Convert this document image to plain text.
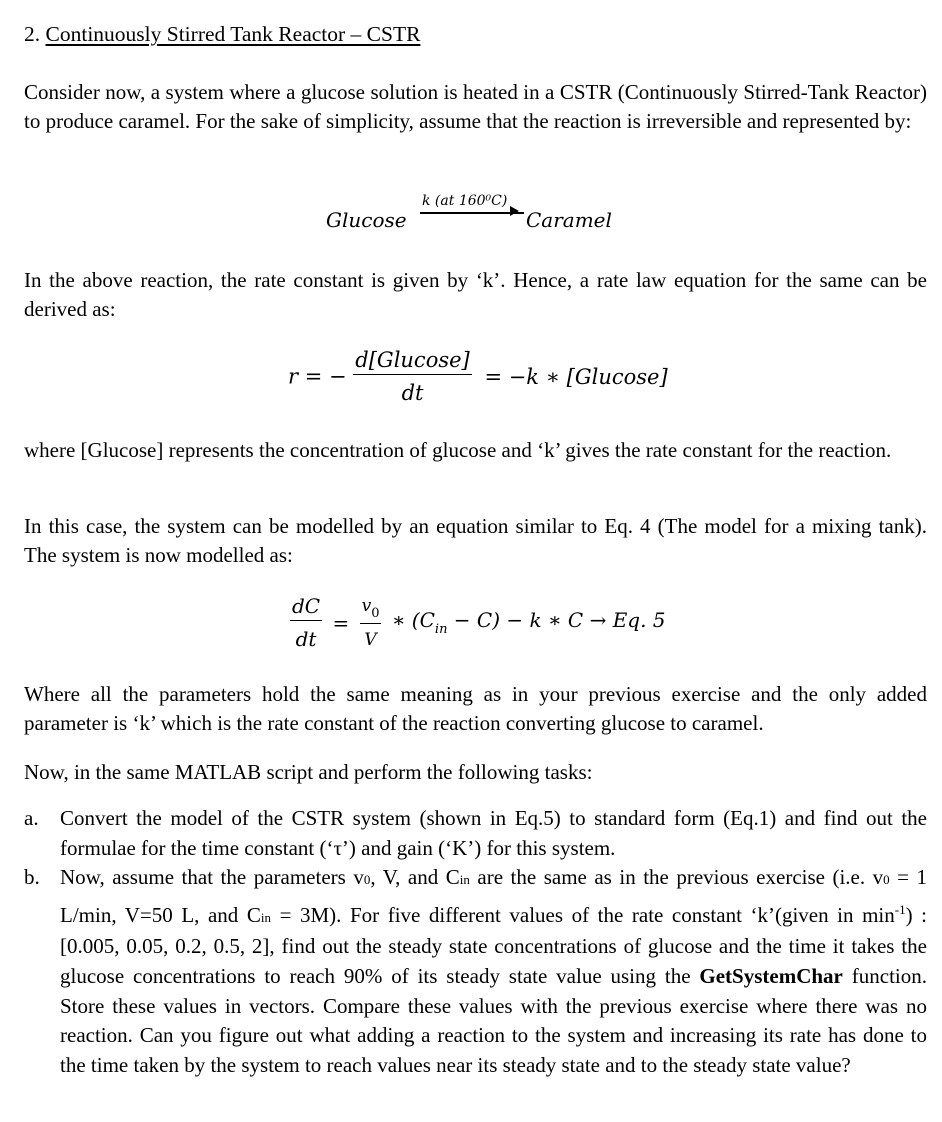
2. Continuously Stirred Tank Reactor – CSTR

Consider now, a system where a glucose solution is heated in a CSTR (Continuously Stirred-Tank Reactor) to produce caramel. For the sake of simplicity, assume that the reaction is irreversible and represented by:

Glucose
k (at 160⁰C)
Caramel

In the above reaction, the rate constant is given by ‘k’. Hence, a rate law equation for the same can be derived as:

r = − $\frac{\text{d[Glucose]}}{dt} = -k$ ∗ [Glucose]

where [Glucose] represents the concentration of glucose and ‘k’ gives the rate constant for the reaction.

In this case, the system can be modelled by an equation similar to Eq. 4 (The model for a mixing tank). The system is now modelled as:

$\frac{dC}{dt} = \frac{v_0}{V}$ ∗ $(C_{in} - C) - k$ ∗ C → Eq. 5

Where all the parameters hold the same meaning as in your previous exercise and the only added parameter is ‘k’ which is the rate constant of the reaction converting glucose to caramel.

Now, in the same MATLAB script and perform the following tasks:

a. Convert the model of the CSTR system (shown in Eq.5) to standard form (Eq.1) and find out the formulae for the time constant (‘τ’) and gain (‘K’) for this system.

b. Now, assume that the parameters v0, V, and Cin are the same as in the previous exercise (i.e. v0 = 1 L/min, V=50 L, and Cin = 3M). For five different values of the rate constant ‘k’(given in $\min^{-1}$) : [0.005, 0.05, 0.2, 0.5, 2], find out the steady state concentrations of glucose and the time it takes the glucose concentrations to reach 90% of its steady state value using the GetSystemChar function. Store these values in vectors. Compare these values with the previous exercise where there was no reaction. Can you figure out what adding a reaction to the system and increasing its rate has done to the time taken by the system to reach values near its steady state and to the steady state value?
